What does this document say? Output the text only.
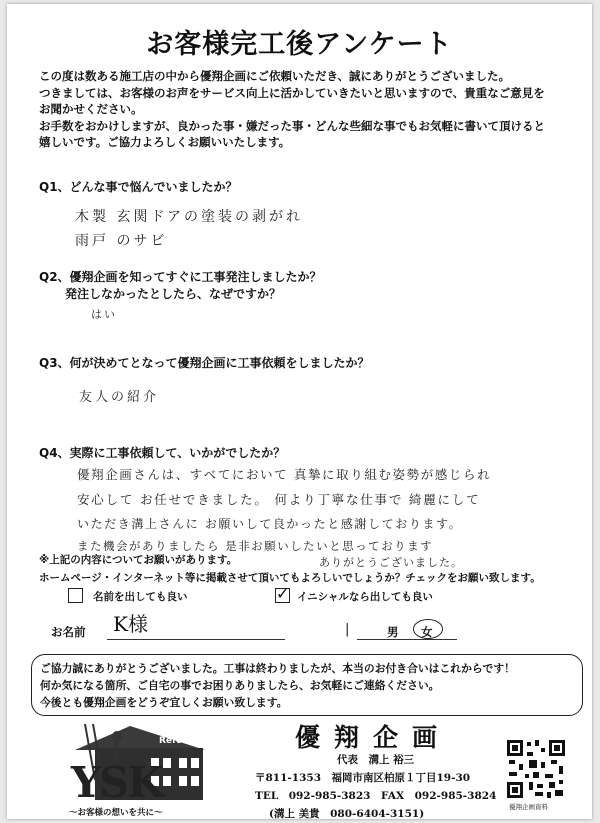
お客様完工後アンケート
この度は数ある施工店の中から優翔企画にご依頼いただき、誠にありがとうございました。
つきましては、お客様のお声をサービス向上に活かしていきたいと思いますので、貴重なご意見を
お聞かせください。
お手数をおかけしますが、良かった事・嫌だった事・どんな些細な事でもお気軽に書いて頂けると
嬉しいです。ご協力よろしくお願いいたします。
Q1、どんな事で悩んでいましたか？
木製 玄関ドアの塗装の剥がれ
雨戸 のサビ
Q2、優翔企画を知ってすぐに工事発注しましたか？
発注しなかったとしたら、なぜですか？
はい
Q3、何が決めてとなって優翔企画に工事依頼をしましたか？
友人の紹介
Q4、実際に工事依頼して、いかがでしたか？
優翔企画さんは、すべてにおいて 真摯に取り組む姿勢が感じられ
安心して お任せできました。 何より丁寧な仕事で 綺麗にして
いただき溝上さんに お願いして良かったと感謝しております。
また機会がありましたら 是非お願いしたいと思っております
ありがとうございました。
※上記の内容についてお願いがあります。
ホームページ・インターネット等に掲載させて頂いてもよろしいでしょうか？チェックをお願い致します。
名前を出しても良い	✓ イニシャルなら出しても良い
お名前 K様	|	男 女
ご協力誠にありがとうございました。工事は終わりましたが、本当のお付き合いはこれからです！
何か気になる箇所、ご自宅の事でお困りありましたら、お気軽にご連絡ください。
今後とも優翔企画をどうぞ宜しくお願い致します。
Reform
YSK
～お客様の想いを共に～
優翔企画
代表　溝上 裕三
〒811-1353　福岡市南区柏原１丁目19-30
TEL　092-985-3823　FAX　092-985-3824
(溝上 美貴　080-6404-3151)
優翔企画資料
